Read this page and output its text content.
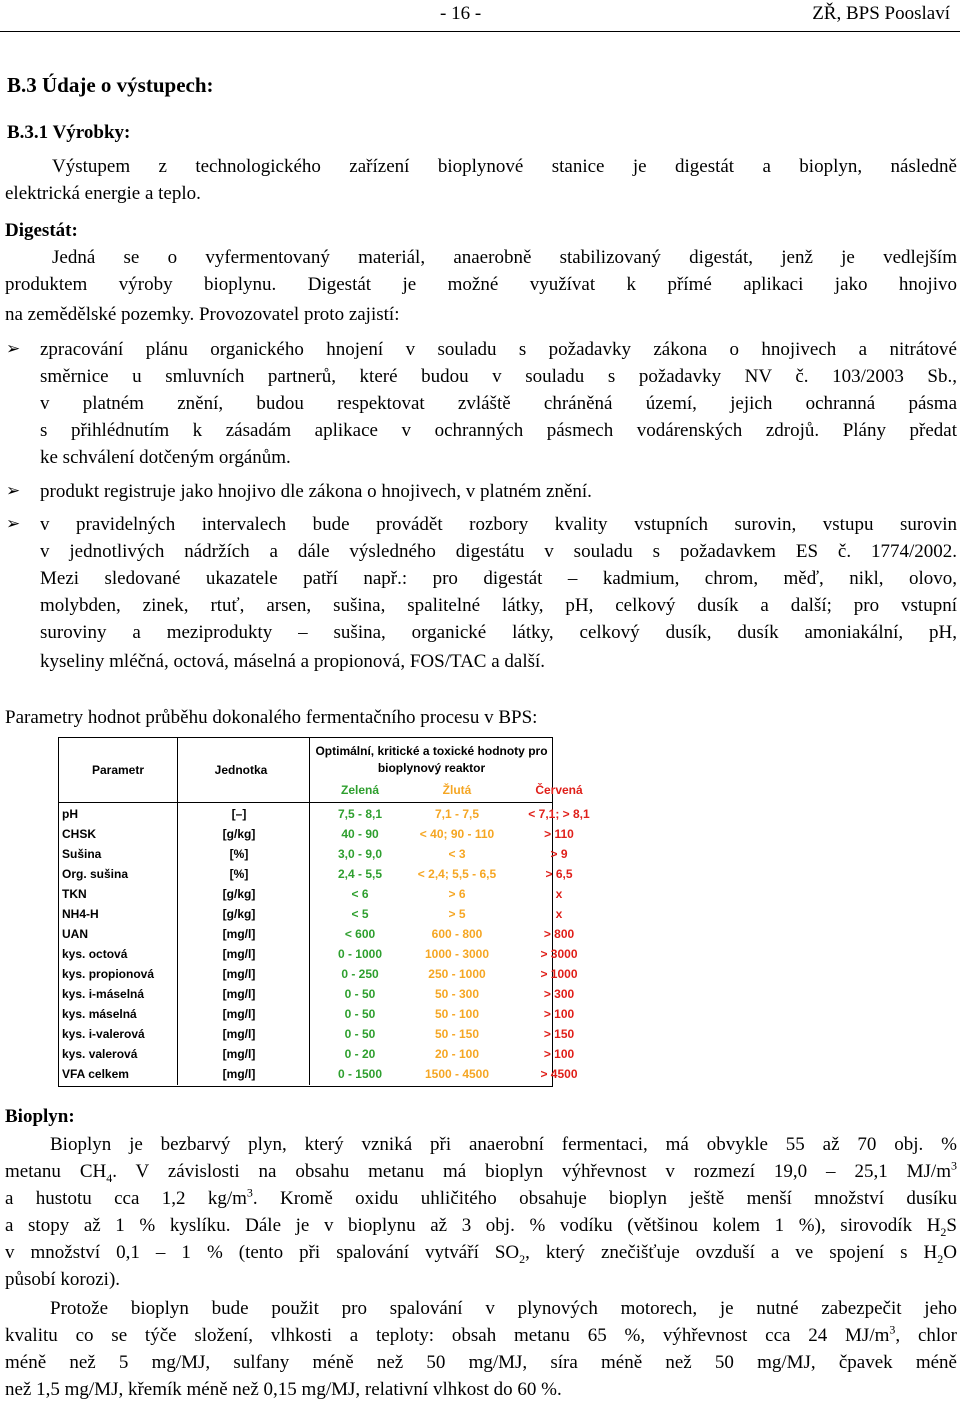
- 16 -	ZŘ, BPS Pooslaví
B.3 Údaje o výstupech:
B.3.1 Výrobky:
Výstupem z technologického zařízení bioplynové stanice je digestát a bioplyn, následně
elektrická energie a teplo.
Digestát:
Jedná se o vyfermentovaný materiál, anaerobně stabilizovaný digestát, jenž je vedlejším
produktem výroby bioplynu. Digestát je možné využívat k přímé aplikaci jako hnojivo
na zemědělské pozemky. Provozovatel proto zajistí:
➢ zpracování plánu organického hnojení v souladu s požadavky zákona o hnojivech a nitrátové
směrnice u smluvních partnerů, které budou v souladu s požadavky NV č. 103/2003 Sb.,
v platném znění, budou respektovat zvláště chráněná území, jejich ochranná pásma
s přihlédnutím k zásadám aplikace v ochranných pásmech vodárenských zdrojů. Plány předat
ke schválení dotčeným orgánům.
➢ produkt registruje jako hnojivo dle zákona o hnojivech, v platném znění.
➢ v pravidelných intervalech bude provádět rozbory kvality vstupních surovin, vstupu surovin
v jednotlivých nádržích a dále výsledného digestátu v souladu s požadavkem ES č. 1774/2002.
Mezi sledované ukazatele patří např.: pro digestát – kadmium, chrom, měď, nikl, olovo,
molybden, zinek, rtuť, arsen, sušina, spalitelné látky, pH, celkový dusík a další; pro vstupní
suroviny a meziprodukty – sušina, organické látky, celkový dusík, dusík amoniakální, pH,
kyseliny mléčná, octová, máselná a propionová, FOS/TAC a další.
Parametry hodnot průběhu dokonalého fermentačního procesu v BPS:
Parametr	Jednotka
Optimální, kritické a toxické hodnoty pro
bioplynový reaktor
Zelená	Žlutá	Červená
pH	[–]	7,5 - 8,1	7,1 - 7,5	< 7,1; > 8,1
CHSK	[g/kg]	40 - 90	< 40; 90 - 110	> 110
Sušina	[%]	3,0 - 9,0	< 3	> 9
Org. sušina	[%]	2,4 - 5,5	< 2,4; 5,5 - 6,5	> 6,5
TKN	[g/kg]	< 6	> 6	x
NH4-H	[g/kg]	< 5	> 5	x
UAN	[mg/l]	< 600	600 - 800	> 800
kys. octová	[mg/l]	0 - 1000	1000 - 3000	> 3000
kys. propionová	[mg/l]	0 - 250	250 - 1000	> 1000
kys. i-máselná	[mg/l]	0 - 50	50 - 300	> 300
kys. máselná	[mg/l]	0 - 50	50 - 100	> 100
kys. i-valerová	[mg/l]	0 - 50	50 - 150	> 150
kys. valerová	[mg/l]	0 - 20	20 - 100	> 100
VFA celkem	[mg/l]	0 - 1500	1500 - 4500	> 4500
Bioplyn:
Bioplyn je bezbarvý plyn, který vzniká při anaerobní fermentaci, má obvykle 55 až 70 obj. %
metanu $CH_4$. V závislosti na obsahu metanu má bioplyn výhřevnost v rozmezí 19,0 – 25,1 $MJ/m^3$
a hustotu cca 1,2 $kg/m^3$. Kromě oxidu uhličitého obsahuje bioplyn ještě menší množství dusíku
a stopy až 1 % kyslíku. Dále je v bioplynu až 3 obj. % vodíku (většinou kolem 1 %), sirovodík $H_2S$
v množství 0,1 – 1 % (tento při spalování vytváří $SO_2$, který znečišťuje ovzduší a ve spojení s $H_2O$
působí korozi).
Protože bioplyn bude použit pro spalování v plynových motorech, je nutné zabezpečit jeho
kvalitu co se týče složení, vlhkosti a teploty: obsah metanu 65 %, výhřevnost cca 24 $MJ/m^3$, chlor
méně než 5 mg/MJ, sulfany méně než 50 mg/MJ, síra méně než 50 mg/MJ, čpavek méně
než 1,5 mg/MJ, křemík méně než 0,15 mg/MJ, relativní vlhkost do 60 %.
